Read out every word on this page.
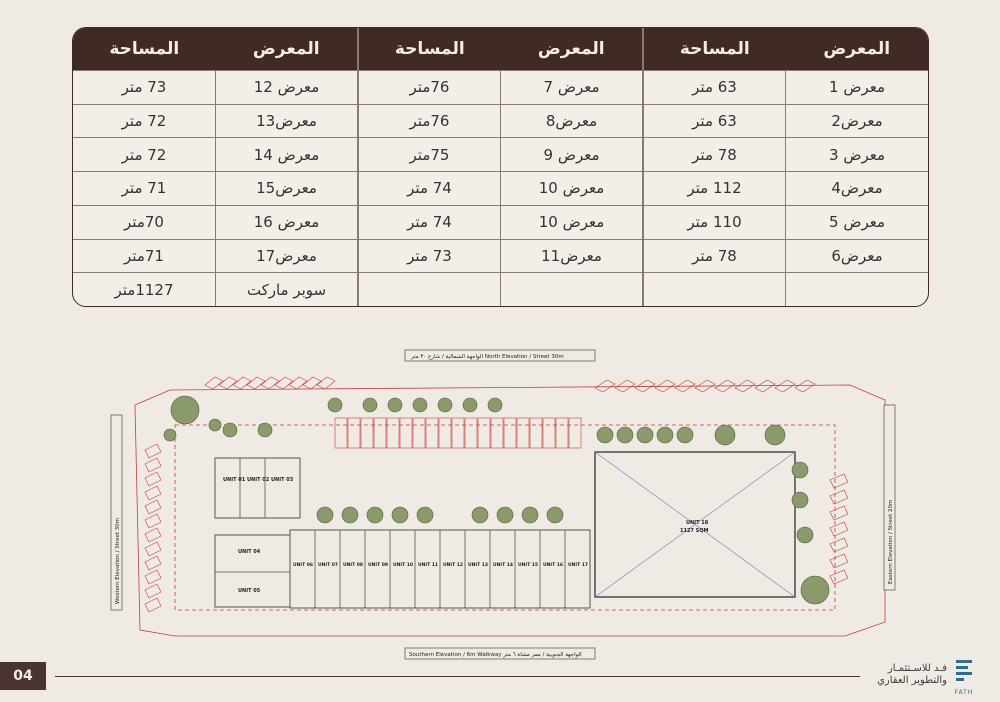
المعرض	المساحة	المعرض	المساحة	المعرض	المساحة
معرض 1	63 متر	معرض 7	76متر	معرض 12	73 متر
معرض2	63 متر	معرض8	76متر	معرض13	72 متر
معرض 3	78 متر	معرض 9	75متر	معرض 14	72 متر
معرض4	112 متر	معرض 10	74 متر	معرض15	71 متر
معرض 5	110 متر	معرض 10	74 متر	معرض 16	70متر
معرض6	78 متر	معرض11	73 متر	معرض17	71متر
				سوبر ماركت	1127متر
UNIT 01 UNIT 02 UNIT 03
UNIT 04
UNIT 05
UNIT 18
1127 SQM
UNIT 06 UNIT 07 UNIT 08 UNIT 09 UNIT 10 UNIT 11 UNIT 12 UNIT 13 UNIT 14 UNIT 15 UNIT 16 UNIT 17
الواجهة الشمالية / شارع ٣٠ متر North Elevation / Street 30m
Southern Elevation / 6m Walkway الواجهة الجنوبية / ممر مشاة ٦ متر
Western Elevation / Street 30m	Eastern Elevation / Street 20m
04
FATH
فـد للاسـتثمـار
والتطوير العقاري
